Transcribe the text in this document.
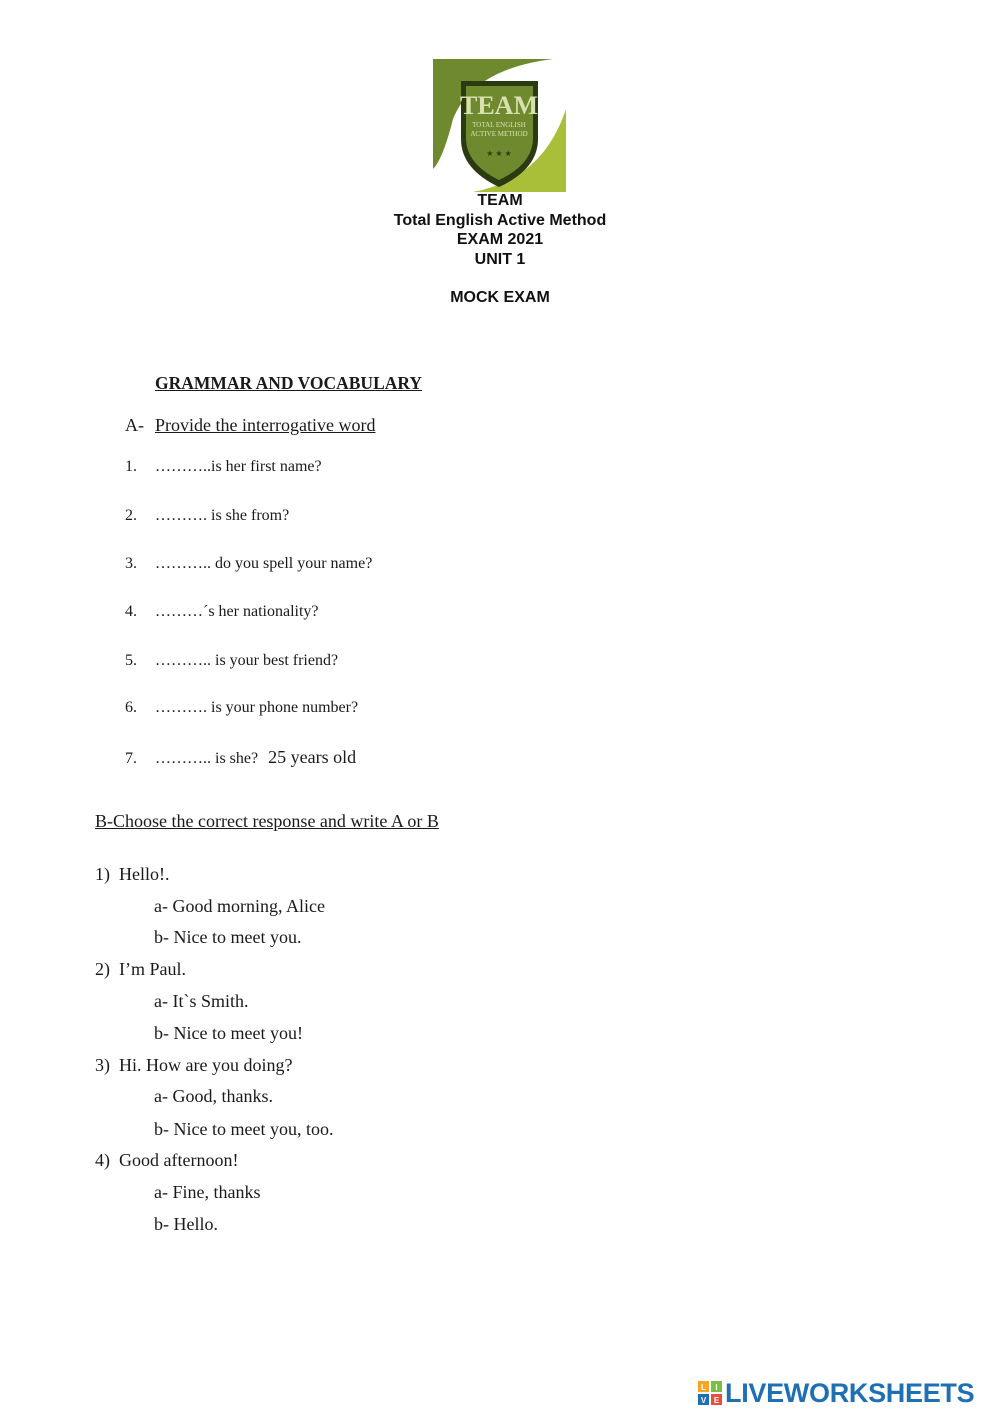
TEAM
TOTAL ENGLISH
ACTIVE METHOD
★ ★ ★
TEAM
Total English Active Method
EXAM 2021
UNIT 1
MOCK EXAM
GRAMMAR AND VOCABULARY
A- Provide the interrogative word
1. ………..is her first name?
2. ………. is she from?
3. ……….. do you spell your name?
4. ………´s her nationality?
5. ……….. is your best friend?
6. ………. is your phone number?
7. ……….. is she? 25 years old
B-Choose the correct response and write A or B
1) Hello!.
a- Good morning, Alice
b- Nice to meet you.
2) I’m Paul.
a- It`s Smith.
b- Nice to meet you!
3) Hi. How are you doing?
a- Good, thanks.
b- Nice to meet you, too.
4) Good afternoon!
a- Fine, thanks
b- Hello.
L I
V E LIVEWORKSHEETS
